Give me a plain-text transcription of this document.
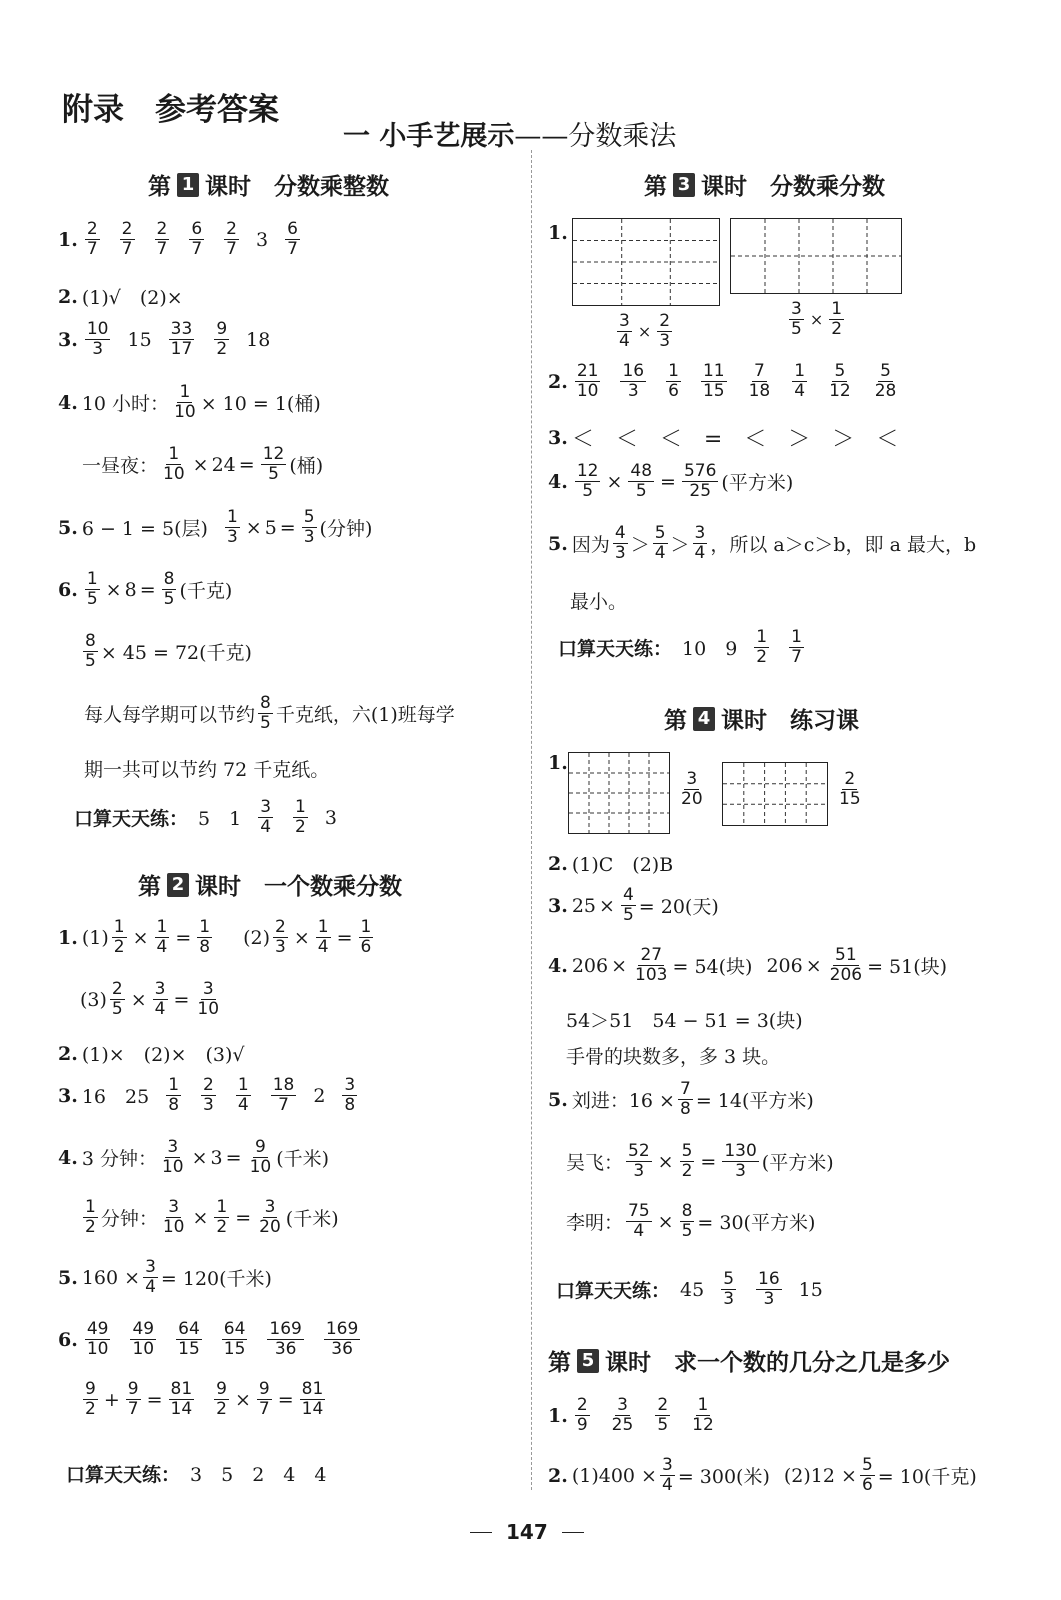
附录　参考答案
一 小手艺展示——分数乘法
第 1 课时　分数乘整数
1. $\frac{2}{7} \frac{2}{7} \frac{2}{7} \frac{6}{7} \frac{2}{7} 3 \frac{6}{7}$
2. (1)√　(2)×
3. $\frac{10}{3} 15 \frac{33}{17} \frac{9}{2} 18$
4. 10 小时： $\frac{1}{10} \times 10 = 1$(桶)
一昼夜： $\frac{1}{10} \times 24 = \frac{12}{5}$ (桶)
5. 6 − 1 = 5(层) $\frac{1}{3} \times 5 = \frac{5}{3}$ (分钟)
6. $\frac{1}{5} \times 8 = \frac{8}{5}$ (千克)
$\frac{8}{5} \times 45 = 72$(千克)
每人每学期可以节约 $\frac{8}{5}$ 千克纸，六(1)班每学
期一共可以节约 72 千克纸。
口算天天练： 5　$1 \frac{3}{4} \frac{1}{2} 3$
第 2 课时　一个数乘分数
1. $(1) \frac{1}{2} \times \frac{1}{4} = \frac{1}{8} (2) \frac{2}{3} \times \frac{1}{4} = \frac{1}{6}$
$(3) \frac{2}{5} \times \frac{3}{4} = \frac{3}{10}$
2. (1)×　(2)×　(3)√
3. 16　$25 \frac{1}{8} \frac{2}{3} \frac{1}{4} \frac{18}{7} 2 \frac{3}{8}$
4. 3 分钟： $\frac{3}{10} \times 3 = \frac{9}{10}$ (千米)
$\frac{1}{2}$ 分钟： $\frac{3}{10} \times \frac{1}{2} = \frac{3}{20}$ (千米)
5. $160 \times \frac{3}{4} = 120$(千米)
6. $\frac{49}{10} \frac{49}{10} \frac{64}{15} \frac{64}{15} \frac{169}{36} \frac{169}{36}$
$\frac{9}{2} + \frac{9}{7} = \frac{81}{14} \frac{9}{2} \times \frac{9}{7} = \frac{81}{14}$
口算天天练： 3　5　2　4　4
第 3 课时　分数乘分数
1.
$\frac{3}{4} \times \frac{2}{3}$	$\frac{3}{5} \times \frac{1}{2}$
2. $\frac{21}{10} \frac{16}{3} \frac{1}{6} \frac{11}{15} \frac{7}{18} \frac{1}{4} \frac{5}{12} \frac{5}{28}$
3. ＜　＜　＜　=　＜　＞　＞　＜
4. $\frac{12}{5} \times \frac{48}{5} = \frac{576}{25}$ (平方米)
5. 因为 $\frac{4}{3} > \frac{5}{4} > \frac{3}{4}$ ，所以 a＞c＞b，即 a 最大，b
最小。
口算天天练： 10　$9 \frac{1}{2} \frac{1}{7}$
第 4 课时　练习课
1.
$\frac{3}{20}$	$\frac{2}{15}$
2. (1)C　(2)B
3. $25 \times \frac{4}{5} = 20$(天)
4. $206 \times \frac{27}{103} = 54$(块) $206 \times \frac{51}{206} = 51$(块)
54＞51　54 − 51 = 3(块)
手骨的块数多，多 3 块。
5. 刘进：$16 \times \frac{7}{8} = 14$(平方米)
吴飞： $\frac{52}{3} \times \frac{5}{2} = \frac{130}{3}$ (平方米)
李明： $\frac{75}{4} \times \frac{8}{5} = 30$(平方米)
口算天天练： $45 \frac{5}{3} \frac{16}{3} 15$
第 5 课时　求一个数的几分之几是多少
1. $\frac{2}{9} \frac{3}{25} \frac{2}{5} \frac{1}{12}$
2. $(1)400 \times \frac{3}{4} = 300$(米) $(2)12 \times \frac{5}{6} = 10$(千克)
147
